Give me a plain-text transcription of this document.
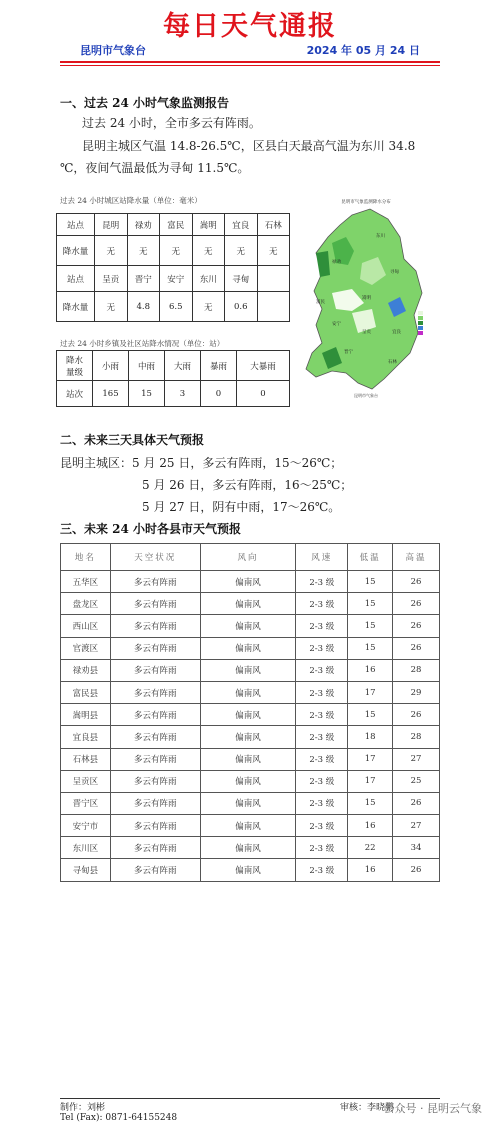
每日天气通报
昆明市气象台	2024 年 05 月 24 日
一、过去 24 小时气象监测报告
过去 24 小时，全市多云有阵雨。
昆明主城区气温 14.8-26.5℃，区县白天最高气温为东川 34.8
℃，夜间气温最低为寻甸 11.5℃。
过去 24 小时城区站降水量（单位：毫米）
站点	昆明	禄劝	富民	嵩明	宜良	石林
降水量	无	无	无	无	无	无
站点	呈贡	晋宁	安宁	东川	寻甸	
降水量	无	4.8	6.5	无	0.6	
过去 24 小时乡镇及社区站降水情况（单位：站）
降水量级	小雨	中雨	大雨	暴雨	大暴雨
站次	165	15	3	0	0
昆明市气象监测降水分布
东川
禄劝
寻甸
富民
嵩明
安宁
晋宁
宜良
呈贡
石林
昆明市气象台
二、未来三天具体天气预报
昆明主城区：5 月 25 日，多云有阵雨，15～26℃；
5 月 26 日，多云有阵雨，16～25℃；
5 月 27 日，阴有中雨，17～26℃。
三、未来 24 小时各县市天气预报
地名	天空状况	风向	风速	低温	高温
五华区	多云有阵雨	偏南风	2-3 级	15	26
盘龙区	多云有阵雨	偏南风	2-3 级	15	26
西山区	多云有阵雨	偏南风	2-3 级	15	26
官渡区	多云有阵雨	偏南风	2-3 级	15	26
禄劝县	多云有阵雨	偏南风	2-3 级	16	28
富民县	多云有阵雨	偏南风	2-3 级	17	29
嵩明县	多云有阵雨	偏南风	2-3 级	15	26
宜良县	多云有阵雨	偏南风	2-3 级	18	28
石林县	多云有阵雨	偏南风	2-3 级	17	27
呈贡区	多云有阵雨	偏南风	2-3 级	17	25
晋宁区	多云有阵雨	偏南风	2-3 级	15	26
安宁市	多云有阵雨	偏南风	2-3 级	16	27
东川区	多云有阵雨	偏南风	2-3 级	22	34
寻甸县	多云有阵雨	偏南风	2-3 级	16	26
制作：刘彬
Tel (Fax): 0871-64155248
审核：李晓鹏
公众号 · 昆明云气象
